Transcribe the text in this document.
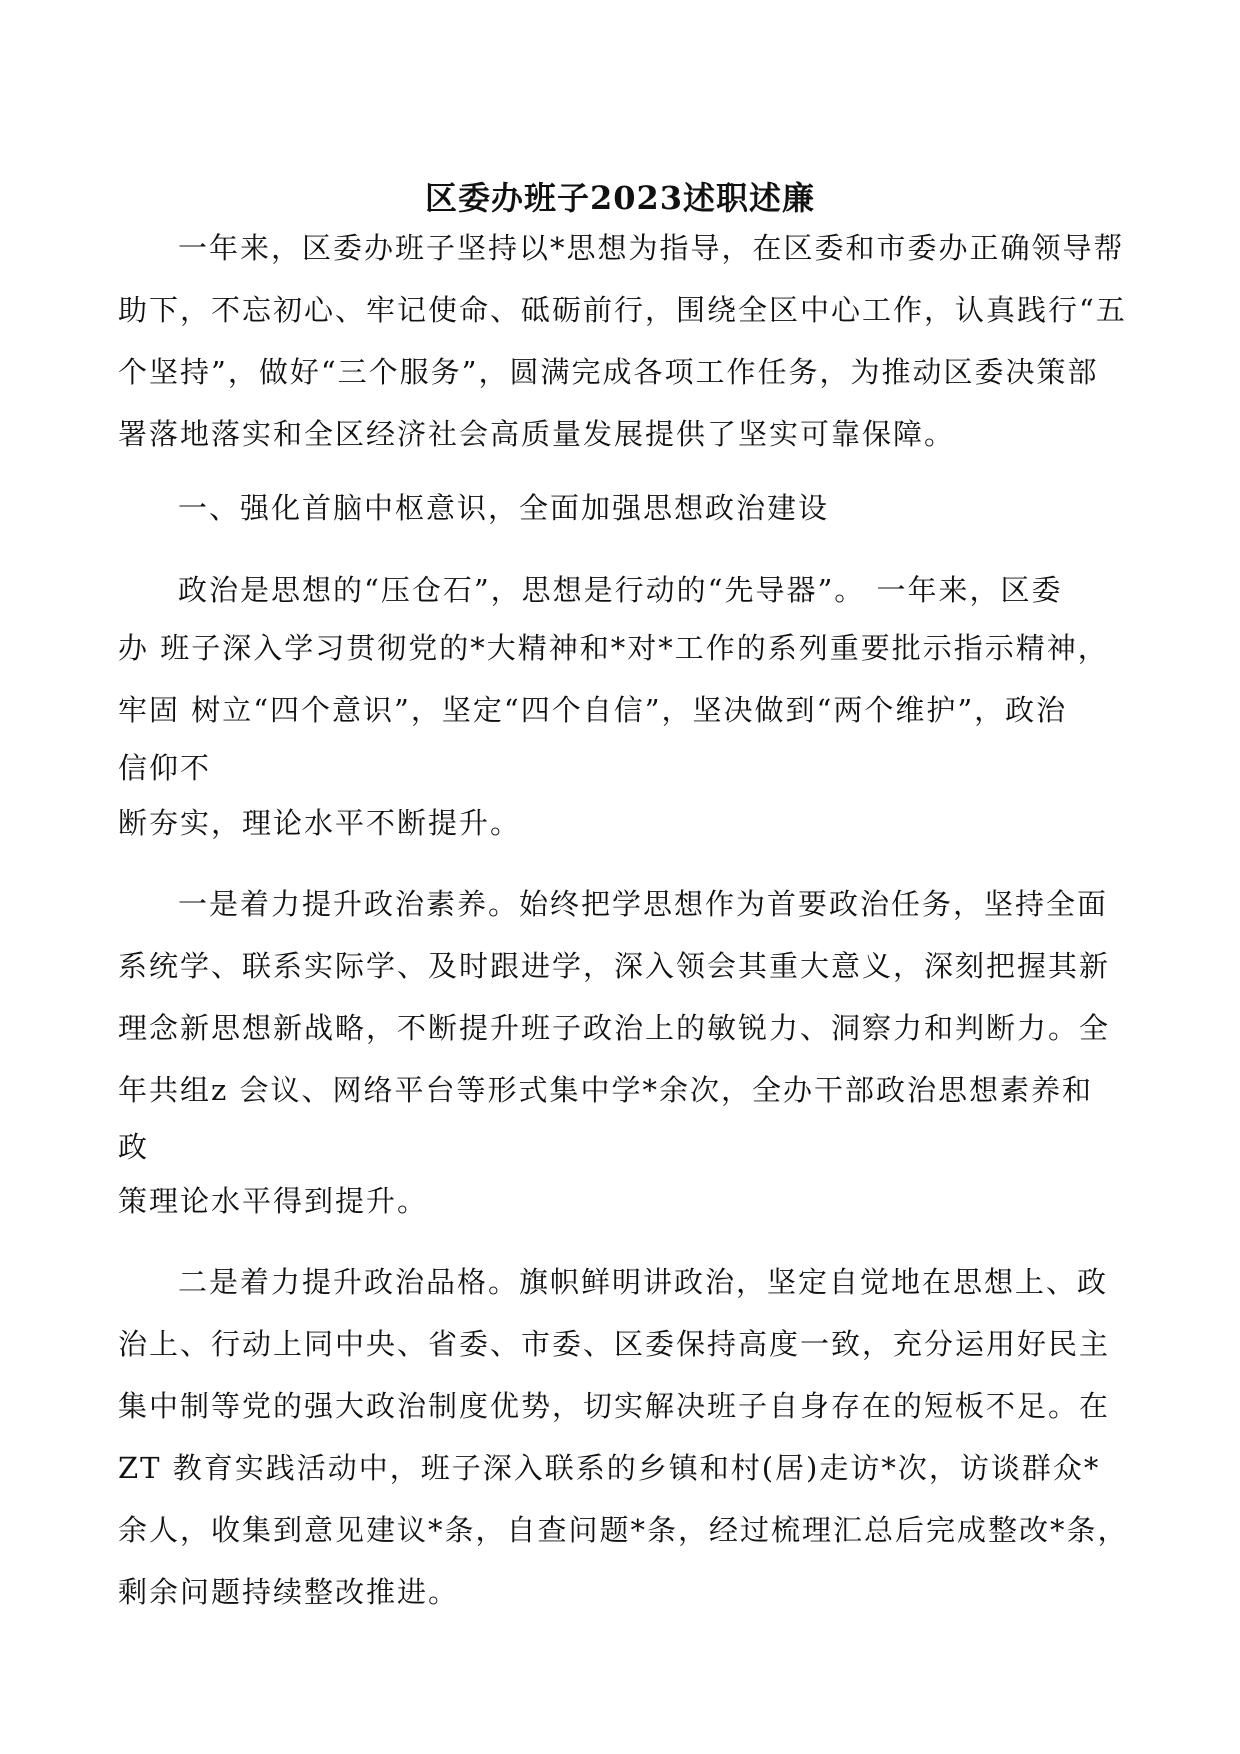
区委办班子2023述职述廉
一年来，区委办班子坚持以*思想为指导，在区委和市委办正确领导帮
助下，不忘初心、牢记使命、砥砺前行，围绕全区中心工作，认真践行“五
个坚持”，做好“三个服务”，圆满完成各项工作任务，为推动区委决策部
署落地落实和全区经济社会高质量发展提供了坚实可靠保障。
一、强化首脑中枢意识，全面加强思想政治建设
政治是思想的“压仓石”，思想是行动的“先导器”。 一年来，区委
办 班子深入学习贯彻党的*大精神和*对*工作的系列重要批示指示精神，
牢固 树立“四个意识”，坚定“四个自信”，坚决做到“两个维护”，政治
信仰不
断夯实，理论水平不断提升。
一是着力提升政治素养。始终把学思想作为首要政治任务，坚持全面
系统学、联系实际学、及时跟进学，深入领会其重大意义，深刻把握其新
理念新思想新战略，不断提升班子政治上的敏锐力、洞察力和判断力。全
年共组z 会议、网络平台等形式集中学*余次，全办干部政治思想素养和
政
策理论水平得到提升。
二是着力提升政治品格。旗帜鲜明讲政治，坚定自觉地在思想上、政
治上、行动上同中央、省委、市委、区委保持高度一致，充分运用好民主
集中制等党的强大政治制度优势，切实解决班子自身存在的短板不足。在
ZT 教育实践活动中，班子深入联系的乡镇和村(居)走访*次，访谈群众*
余人，收集到意见建议*条，自查问题*条，经过梳理汇总后完成整改*条，
剩余问题持续整改推进。
